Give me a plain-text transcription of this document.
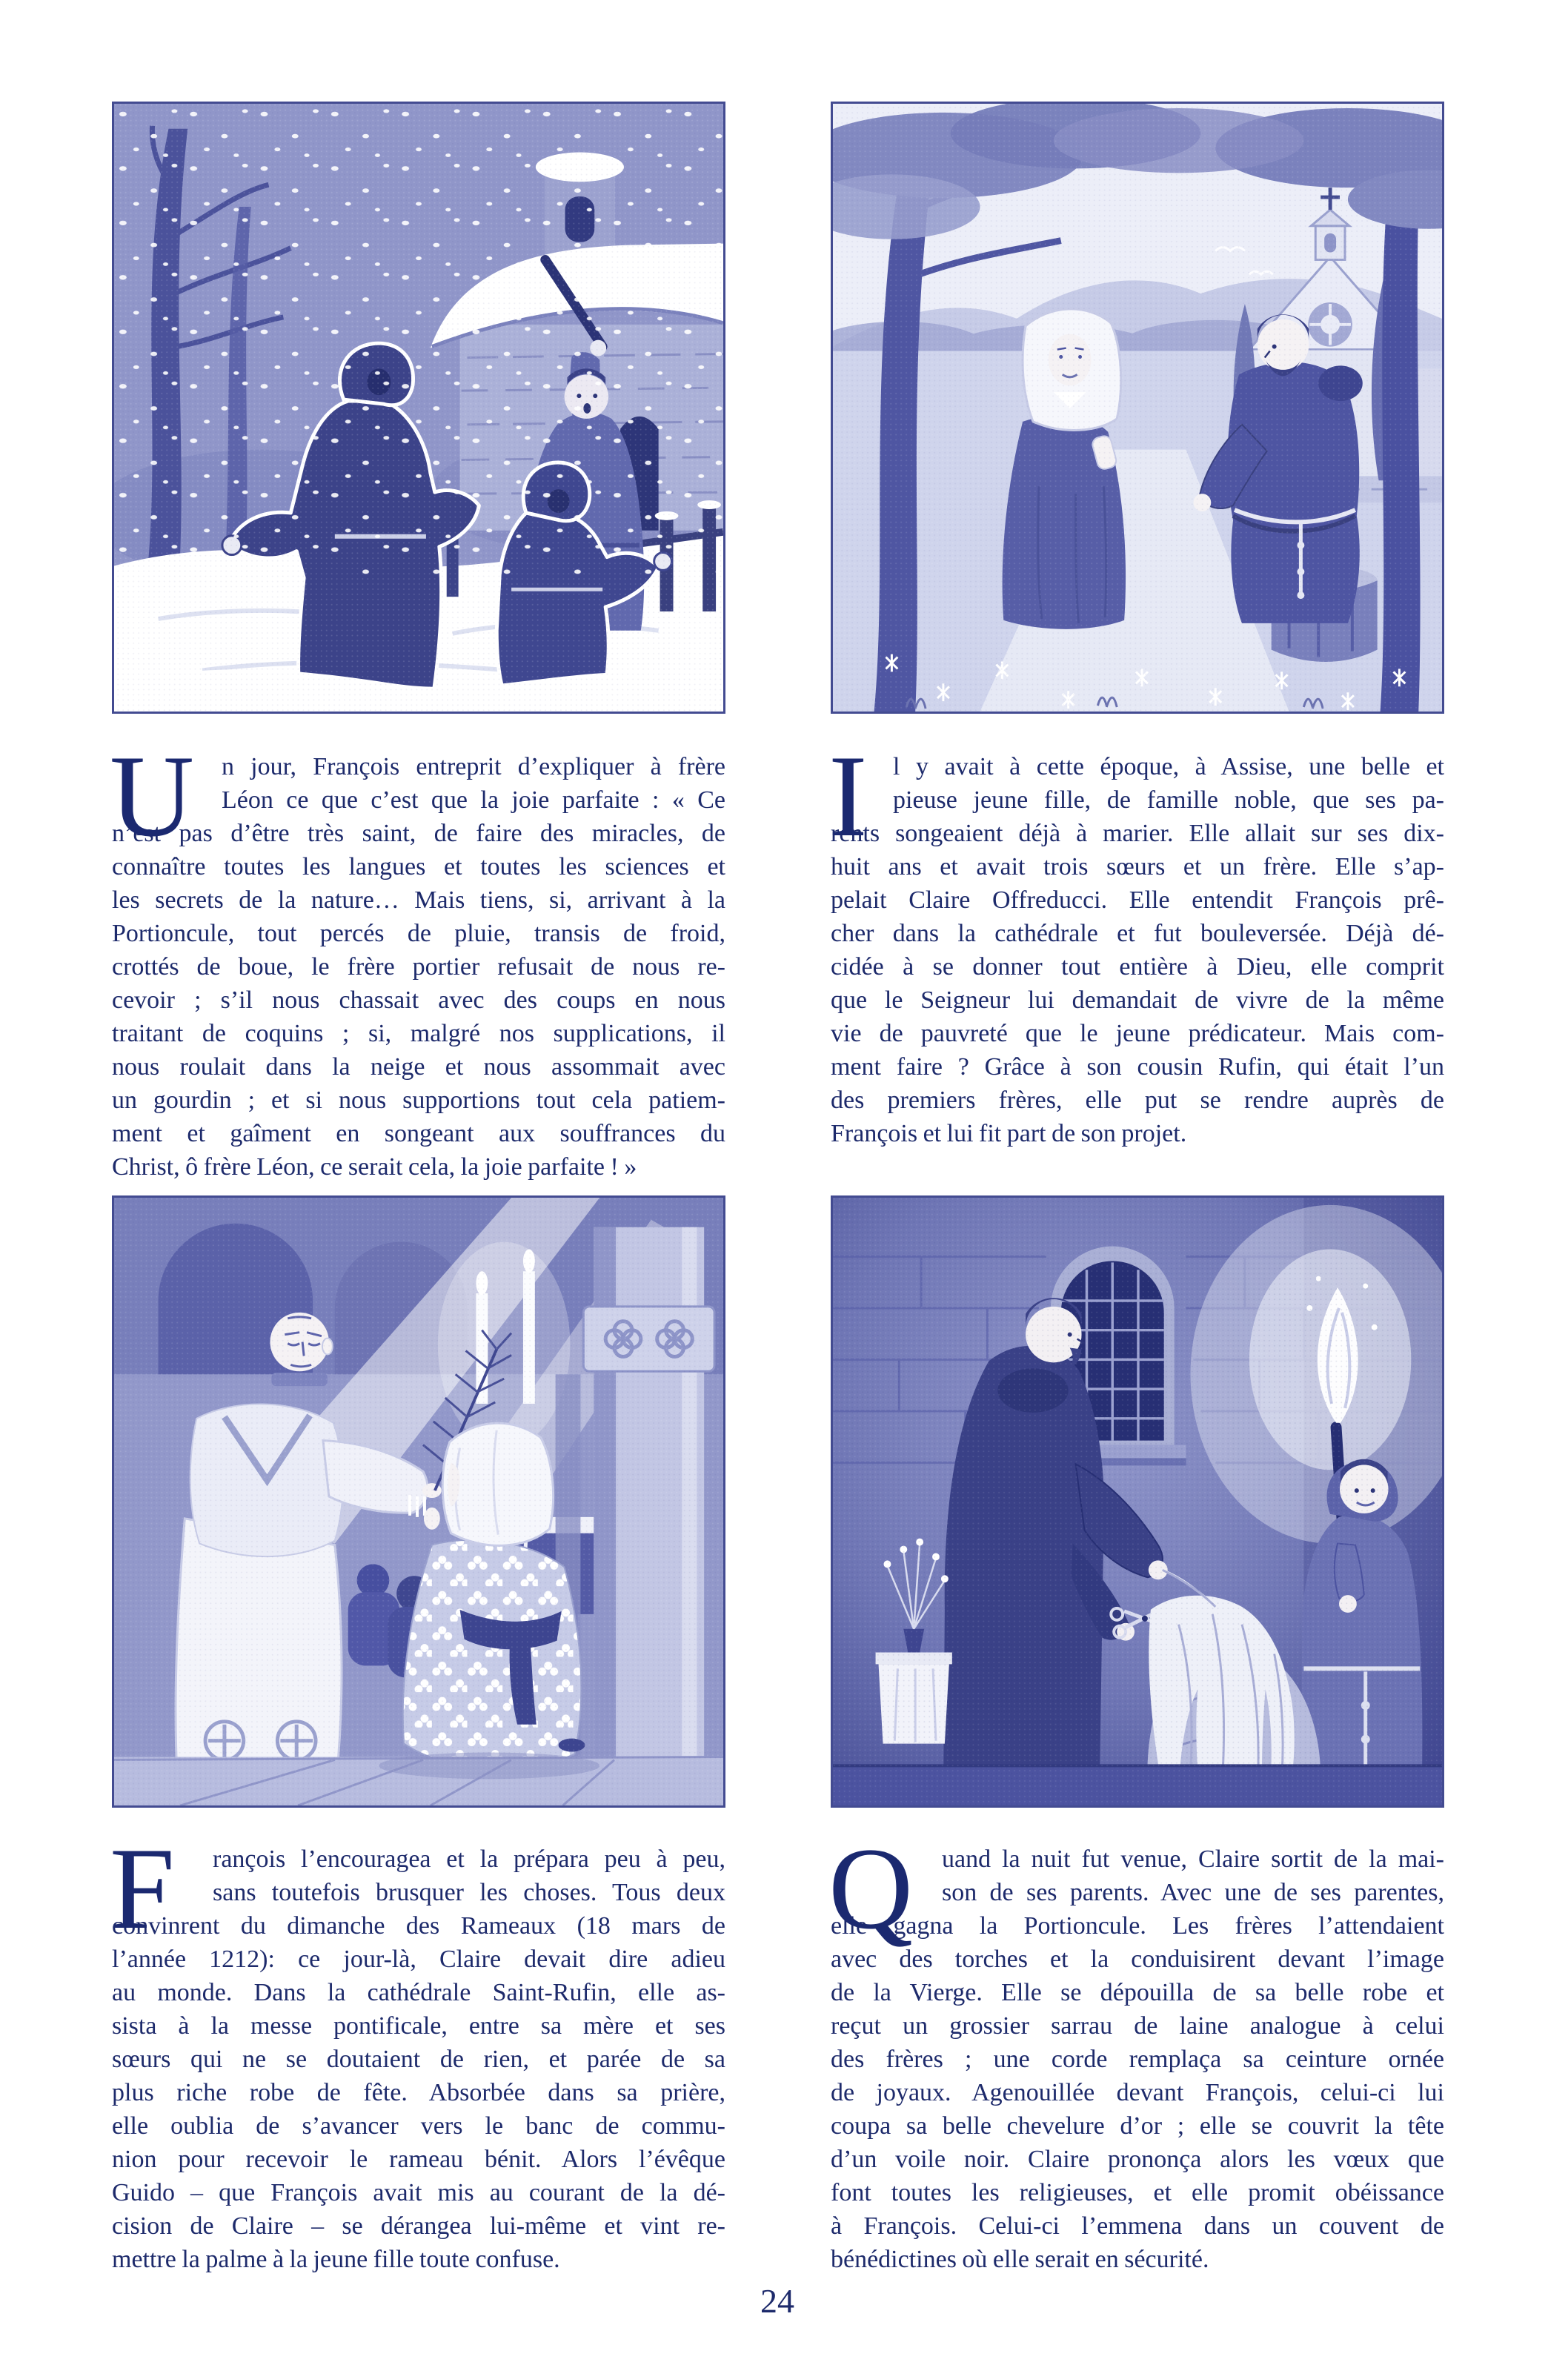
U	n jour, François entreprit d’expliquer à frère
Léon ce que c’est que la joie parfaite : « Ce
n’est pas d’être très saint, de faire des miracles, de
connaître toutes les langues et toutes les sciences et
les secrets de la nature… Mais tiens, si, arrivant à la
Portioncule, tout percés de pluie, transis de froid,
crottés de boue, le frère portier refusait de nous re-
cevoir ; s’il nous chassait avec des coups en nous
traitant de coquins ; si, malgré nos supplications, il
nous roulait dans la neige et nous assommait avec
un gourdin ; et si nous supportions tout cela patiem-
ment et gaîment en songeant aux souffrances du
Christ, ô frère Léon, ce serait cela, la joie parfaite ! »
I	l y avait à cette époque, à Assise, une belle et
pieuse jeune fille, de famille noble, que ses pa-
rents songeaient déjà à marier. Elle allait sur ses dix-
huit ans et avait trois sœurs et un frère. Elle s’ap-
pelait Claire Offreducci. Elle entendit François prê-
cher dans la cathédrale et fut bouleversée. Déjà dé-
cidée à se donner tout entière à Dieu, elle comprit
que le Seigneur lui demandait de vivre de la même
vie de pauvreté que le jeune prédicateur. Mais com-
ment faire ? Grâce à son cousin Rufin, qui était l’un
des premiers frères, elle put se rendre auprès de
François et lui fit part de son projet.
F	rançois l’encouragea et la prépara peu à peu,
sans toutefois brusquer les choses. Tous deux
convinrent du dimanche des Rameaux (18 mars de
l’année 1212): ce jour-là, Claire devait dire adieu
au monde. Dans la cathédrale Saint-Rufin, elle as-
sista à la messe pontificale, entre sa mère et ses
sœurs qui ne se doutaient de rien, et parée de sa
plus riche robe de fête. Absorbée dans sa prière,
elle oublia de s’avancer vers le banc de commu-
nion pour recevoir le rameau bénit. Alors l’évêque
Guido – que François avait mis au courant de la dé-
cision de Claire – se dérangea lui-même et vint re-
mettre la palme à la jeune fille toute confuse.
Q	uand la nuit fut venue, Claire sortit de la mai-
son de ses parents. Avec une de ses parentes,
elle gagna la Portioncule. Les frères l’attendaient
avec des torches et la conduisirent devant l’image
de la Vierge. Elle se dépouilla de sa belle robe et
reçut un grossier sarrau de laine analogue à celui
des frères ; une corde remplaça sa ceinture ornée
de joyaux. Agenouillée devant François, celui-ci lui
coupa sa belle chevelure d’or ; elle se couvrit la tête
d’un voile noir. Claire prononça alors les vœux que
font toutes les religieuses, et elle promit obéissance
à François. Celui-ci l’emmena dans un couvent de
bénédictines où elle serait en sécurité.
24
